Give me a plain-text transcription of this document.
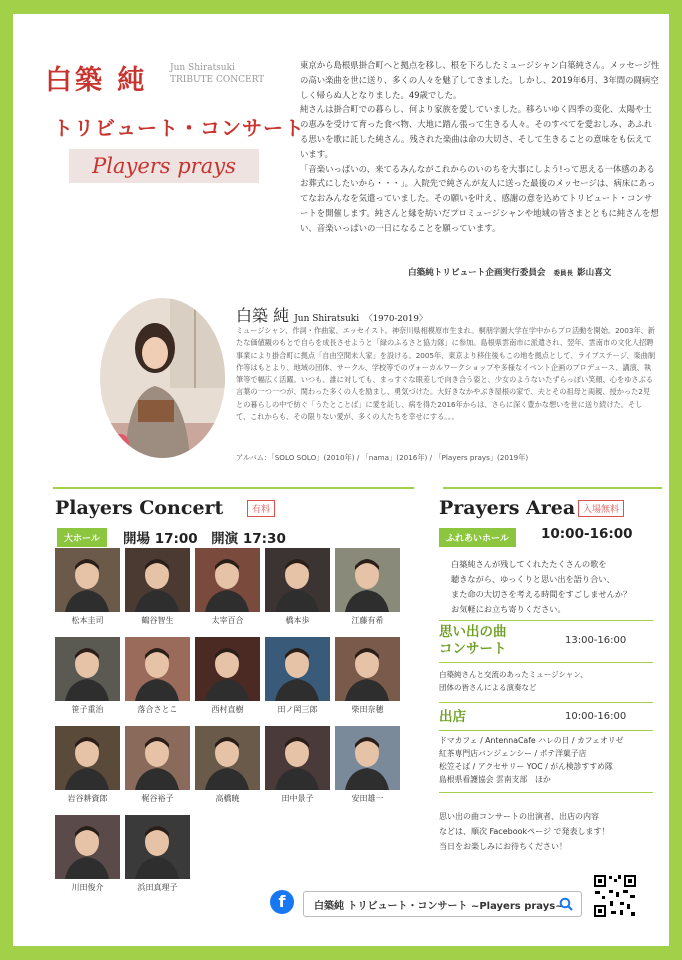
白築 純	Jun Shiratsuki
TRIBUTE CONCERT
トリビュート・コンサート
Players prays

東京から島根県掛合町へと拠点を移し、根を下ろしたミュージシャン白築純さん。メッセージ性の高い楽曲を世に送り、多くの人々を魅了してきました。しかし、2019年6月、3年間の闘病空しく帰らぬ人となりました。49歳でした。

純さんは掛合町での暮らし、何より家族を愛していました。移ろいゆく四季の変化、太陽や土の恵みを受けて育った食べ物、大地に踏ん張って生きる人々。そのすべてを愛おしみ、あふれる思いを歌に託した純さん。残された楽曲は命の大切さ、そして生きることの意味をも伝えています。

「音楽いっぱいの、来てるみんながこれからのいのちを大事にしよう!って思える一体感のあるお葬式にしたいから・・・」。入院先で純さんが友人に送った最後のメッセージは、病床にあってなおみんなを気遣っていました。その願いを叶え、感謝の意を込めてトリビュート・コンサートを開催します。純さんと縁を紡いだプロミュージシャンや地域の皆さまとともに純さんを想い、音楽いっぱいの一日になることを願っています。

白築純トリビュート企画実行委員会 委員長 影山喜文
白築 純 Jun Shiratsuki 〈1970-2019〉
ミュージシャン、作詞・作曲家、エッセイスト。神奈川県相模原市生まれ。桐朋学園大学在学中からプロ活動を開始。2003年、新たな価値観のもとで自らを成長させようと「緑のふるさと協力隊」に参加。島根県雲南市に派遣され、翌年、雲南市の文化人招聘事業により掛合町に拠点「自由空間未人家」を設ける。2005年、東京より移住後もこの地を拠点として、ライブステージ、楽曲制作等はもとより、地域の団体、サークル、学校等でのヴォーカルワークショップや多様なイベント企画のプロデュース、講演、執筆等で幅広く活躍。いつも、誰に対しても、まっすぐな眼差しで向き合う姿と、少女のようないたずらっぽい笑顔、心をゆさぶる言葉の一つ一つが、関わった多くの人を励まし、勇気づけた。大好きなかやぶき屋根の家で、夫とその祖母と両親、授かった2児との暮らしの中で紡ぐ「うたとことば」に愛を託し、病を得た2016年からは、さらに深く豊かな想いを世に送り続けた。そして、これからも、その限りない愛が、多くの人たちを幸せにする。。。
アルバム：「SOLO SOLO」(2010年) / 「nama」(2016年) / 「Players prays」(2019年)
Players Concert	有料
大ホール	開場 17:00　開演 17:30
Prayers Area 入場無料
ふれあいホール	10:00-16:00

白築純さんが残してくれたたくさんの歌を

聴きながら、ゆっくりと思い出を語り合い、

また命の大切さを考える時間をすごしませんか？

お気軽にお立ち寄りください。

思い出の曲
コンサート
13:00-16:00
白築純さんと交流のあったミュージシャン、
団体の皆さんによる演奏など
出店	10:00-16:00
ドマカフェ / AntennaCafe ハレの日 / カフェオリゼ
紅茶専門店バンジェンシー / ポテ洋菓子店
松笠そば / アクセサリー YOC / がん検診すすめ隊
島根県看護協会 雲南支部　ほか
思い出の曲コンサートの出演者、出店の内容
などは、順次 Facebookページ で発表します！
当日をお楽しみにお待ちください！
f	白築純 トリビュート・コンサート ~Players prays~
松本圭司	鶴谷智生	太宰百合	橋本歩	江藤有希
笹子重治	落合さとこ	西村直樹	田ノ岡三郎	柴田奈穂
岩谷耕資郎	梶谷裕子	高橋暁	田中景子	安田雄一
川田俊介	浜田真理子
